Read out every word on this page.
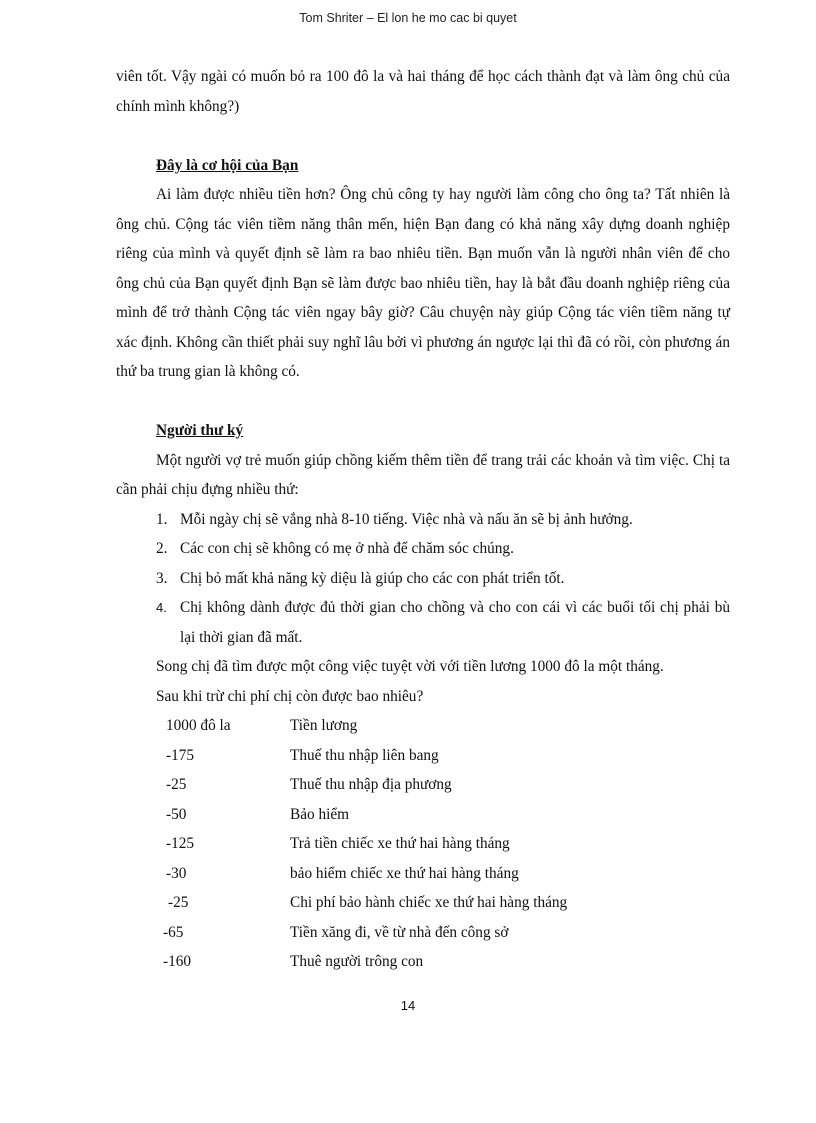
Tom Shriter – El lon he mo cac bi quyet

viên tốt. Vậy ngài có muốn bỏ ra 100 đô la và hai tháng để học cách thành đạt và làm ông chủ của chính mình không?)

Đây là cơ hội của Bạn

Ai làm được nhiều tiền hơn? Ông chủ công ty hay người làm công cho ông ta? Tất nhiên là ông chủ. Cộng tác viên tiềm năng thân mến, hiện Bạn đang có khả năng xây dựng doanh nghiệp riêng của mình và quyết định sẽ làm ra bao nhiêu tiền. Bạn muốn vẫn là người nhân viên để cho ông chủ của Bạn quyết định Bạn sẽ làm được bao nhiêu tiền, hay là bắt đầu doanh nghiệp riêng của mình để trở thành Cộng tác viên ngay bây giờ? Câu chuyện này giúp Cộng tác viên tiềm năng tự xác định. Không cần thiết phải suy nghĩ lâu bởi vì phương án ngược lại thì đã có rồi, còn phương án thứ ba trung gian là không có.

Người thư ký

Một người vợ trẻ muốn giúp chồng kiếm thêm tiền để trang trải các khoản và tìm việc. Chị ta cần phải chịu đựng nhiều thứ:

1. Mỗi ngày chị sẽ vắng nhà 8-10 tiếng. Việc nhà và nấu ăn sẽ bị ảnh hưởng.
2. Các con chị sẽ không có mẹ ở nhà để chăm sóc chúng.
3. Chị bỏ mất khả năng kỳ diệu là giúp cho các con phát triển tốt.
4. Chị không dành được đủ thời gian cho chồng và cho con cái vì các buổi tối chị phải bù lại thời gian đã mất.

Song chị đã tìm được một công việc tuyệt vời với tiền lương 1000 đô la một tháng.

Sau khi trừ chi phí chị còn được bao nhiêu?

1000 đô la	Tiền lương
-175	Thuế thu nhập liên bang
-25	Thuế thu nhập địa phương
-50	Bảo hiểm
-125	Trả tiền chiếc xe thứ hai hàng tháng
-30	bảo hiểm chiếc xe thứ hai hàng tháng
-25	Chi phí bảo hành chiếc xe thứ hai hàng tháng
-65	Tiền xăng đi, về từ nhà đến công sở
-160	Thuê người trông con
14
